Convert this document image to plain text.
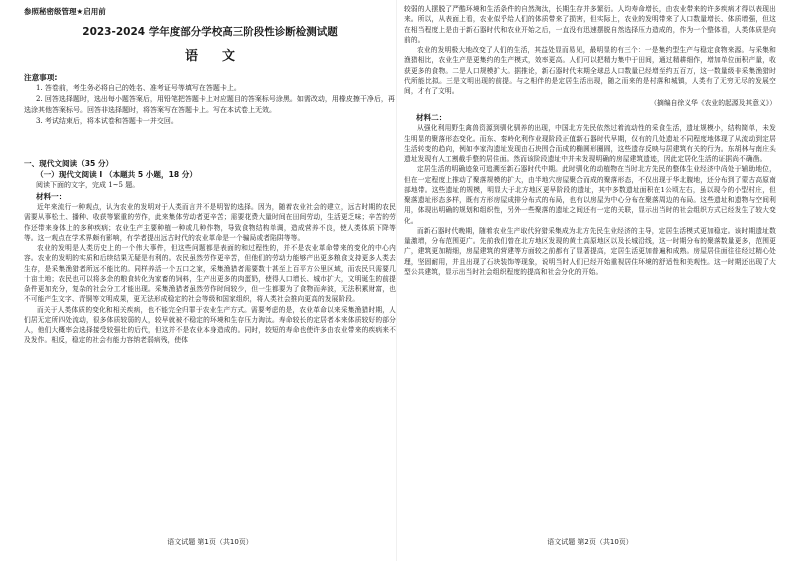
参照秘密级管理★启用前
2023-2024 学年度部分学校高三阶段性诊断检测试题
语文
注意事项:

1. 答卷前，考生务必将自己的姓名、准考证号等填写在答题卡上。

2. 回答选择题时，选出每小题答案后，用铅笔把答题卡上对应题目的答案标号涂黑。如需改动，用橡皮擦干净后，再选涂其他答案标号。回答非选择题时，将答案写在答题卡上。写在本试卷上无效。

3. 考试结束后，将本试卷和答题卡一并交回。

一、现代文阅读（35 分）
（一）现代文阅读 I （本题共 5 小题，18 分）

阅读下面的文字，完成 1~5 题。

材料一：

近年来流行一种观点，认为农业的发明对于人类而言并不是明智的选择。因为，随着农业社会的建立，远古时期的农民需要从事松土、播种、收获等繁重的劳作，此来集体劳动者更辛苦；需要花费大量时间在田间劳动，生活更乏味；辛苦的劳作还带来身体上的多种疾病；农业生产主要种植一种或几种作物，导致食物结构单调，造成营养不良，使人类体质下降等等。这一观点在学术界颇有影响，有学者提出远古时代的农业革命是一个骗局或者陷阱等等。

农业的发明是人类历史上的一个伟大事件，但这些问题都是表面的和过程性的，并不是农业革命带来的变化的中心内容。农业的发明的实质和后续结果无疑是有利的。农民虽然劳作更辛苦，但他们的劳动力能够产出更多粮食支持更多人类去生存，是采集渔猎者所远不能比的。同样养活一个五口之家，采集渔猎者需要数十甚至上百平方公里区域，而农民只需要几十亩土地；农民也可以将多余的粮食转化为家畜的饲料，生产出更多的肉蛋奶，使得人口增长、城市扩大，文明诞生的前提条件更加充分，复杂的社会分工才能出现。采集渔猎者虽然劳作时间较少，但一生都要为了食物而奔波，无法积累财富，也不可能产生文字、青铜等文明成果，更无法形成稳定的社会等级和国家组织，将人类社会推向更高的发展阶段。

而关于人类体质的变化和相关疾病，也不能完全归罪于农业生产方式。需要考虑的是，农业革命以来采集渔猎时期，人们居无定所四处流动，很多体质较弱的人，较早就被不稳定的环境和生存压力淘汰。寿命较长的定居者本来体质较好的部分人，他们大概率会选择接受较强壮的后代，但这并不是农业本身造成的。同时，较短的寿命也使许多由农业带来的疾病来不及发作。相反，稳定的社会有能力容纳老弱病残，使体

语文试题 第1页（共10页）

较弱的人摆脱了严酷环境和生活条件的自然淘汰，长期生存并多繁衍。人均寿命增长，由农业带来的许多疾病才得以表现出来。所以，从表面上看，农业似乎给人们的体质带来了损害，但实际上，农业的发明带来了人口数量增长、体质增强，但这在相当程度上是由于新石器时代和农业开始之后，一直没有迅速摆脱自然选择压力造成的，作为一个整体看，人类体质是向前的。

农业的发明极大地改变了人们的生活，其益处显而易见，最明显的有三个：一是集约型生产与稳定食物来源。与采集和渔猎相比，农业生产是更集约的生产模式，效率更高。人们可以把精力集中于田间，通过精耕细作，增加单位面积产量，收获更多的食物。二是人口规模扩大。据推论，新石器时代末期全球总人口数量已经增至约五百万，这一数量级非采集渔猎时代所能比拟。三是文明出现的前提。与之相伴的是定居生活出现，随之而来的是村落和城镇，人类有了无穷无尽的发展空间，才有了文明。

（摘编自徐义华《农业的起源及其意义》）
材料二：

从强化利用野生禽兽资源到驯化驯养的出现，中国北方先民依然过着流动性的采食生活，遗址规模小，结构简单，未发生明显的聚落形态变化。而东、秦岭化利作业现阶段正值新石器时代早期，仅有的几处遗址不同程度地体现了从流动到定居生活转变的趋向，例如李家沟遗址发现由石块围合而成的椭圆形圈圆，这些遗存反映与居建筑有关的行为。东胡林与南庄头遗址发现有人工割截手整的居住面。然而该阶段遗址中并未发现明确的房屋建筑遗迹，因此定居化生活的证据尚不确凿。

定居生活的明确迹象可追溯至新石器时代中期。此时驯化的动植物在当时北方先民的整体生业经济中尚处于辅助地位，但在一定程度上推动了聚落规模的扩大，由半地穴房屋聚合而成的聚落形态，不仅出现于华北腹地，还分布到了蒙古高原南部地带。这些遗址的规模，明显大于北方地区更早阶段的遗址，其中多数遗址面积在1公顷左右，虽以现今的小型村庄，但聚落遗址形态多样，既有方形房屋成排分布式的布局，也有以房屋为中心分布在聚落周边的布局。这些遗址和遗物与空间利用，体现出明确的规划和组织性，另外一些聚落的遗址之间还有一定的关联，显示出当时的社会组织方式已经发生了较大变化。

而新石器时代晚期，随着农业生产取代狩猎采集成为北方先民生业经济的主导，定居生活模式更加稳定。该时期遗址数量激增，分布范围更广。先前我们曾在北方地区发现的黄土高原地区以及长城沿线，这一时期分布的聚落数量更多，范围更广，建筑更加精细，房屋建筑的营建等方面较之前都有了显著提高，定居生活更加普遍和成熟。房屋居住面往往经过精心处理，坚固耐用，并且出现了石块装饰等现象，说明当时人们已经开始重视居住环境的舒适性和美观性。这一时期还出现了大型公共建筑，显示出当时社会组织程度的提高和社会分化的开始。

语文试题 第2页（共10页）
